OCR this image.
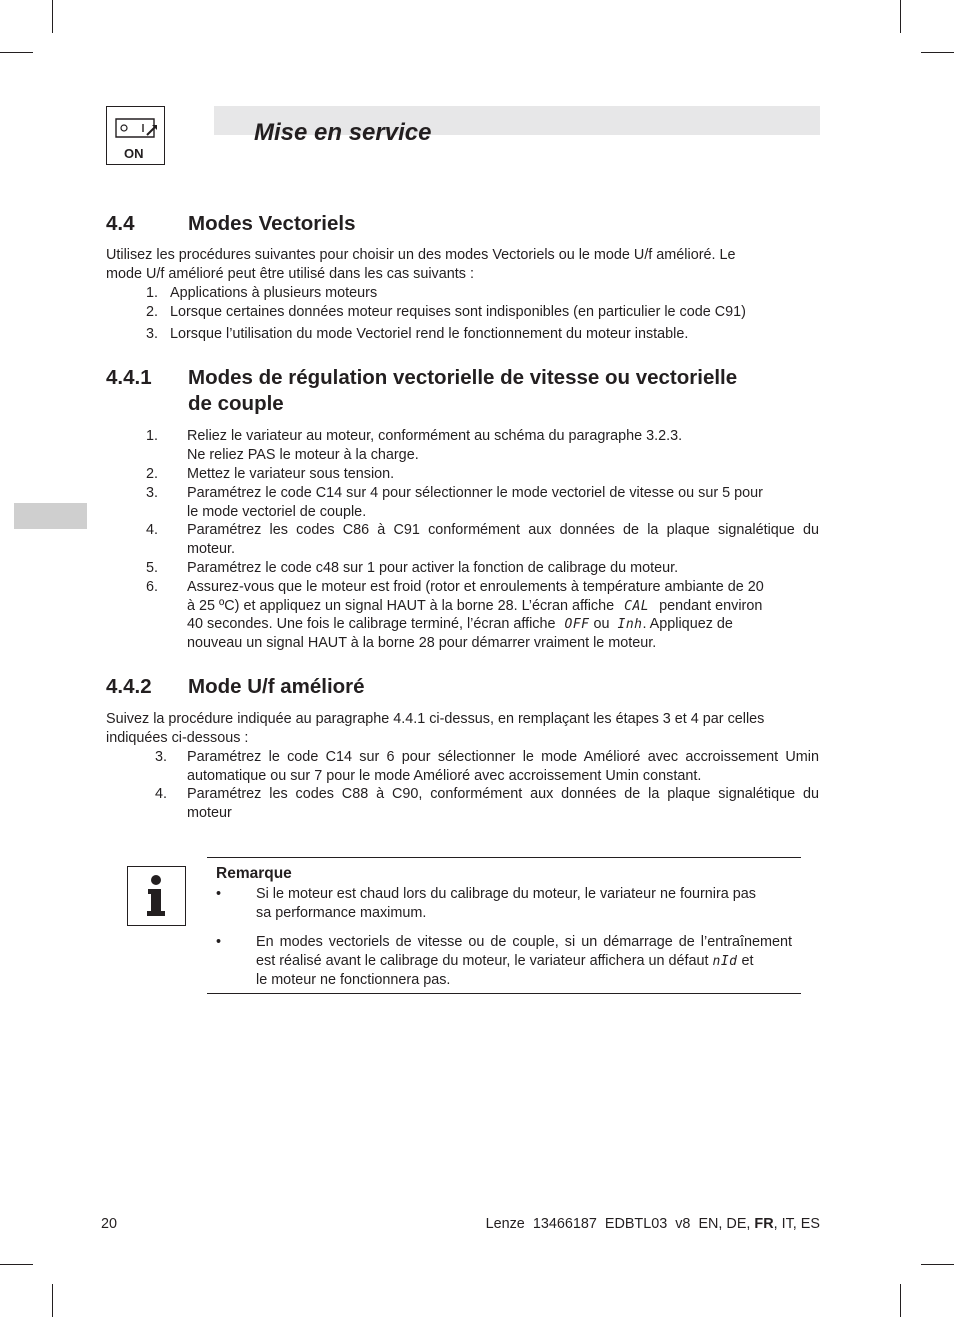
ON
Mise en service
4.4	Modes Vectoriels
Utilisez les procédures suivantes pour choisir un des modes Vectoriels ou le mode U/f amélioré. Le
mode U/f amélioré peut être utilisé dans les cas suivants :
1. Applications à plusieurs moteurs
2. Lorsque certaines données moteur requises sont indisponibles (en particulier le code C91)
3. Lorsque l’utilisation du mode Vectoriel rend le fonctionnement du moteur instable.
4.4.1 Modes de régulation vectorielle de vitesse ou vectorielle
de couple
1. Reliez le variateur au moteur, conformément au schéma du paragraphe 3.2.3.
Ne reliez PAS le moteur à la charge.
2. Mettez le variateur sous tension.
3. Paramétrez le code C14 sur 4 pour sélectionner le mode vectoriel de vitesse ou sur 5 pour
le mode vectoriel de couple.
4. Paramétrez les codes C86 à C91 conformément aux données de la plaque signalétique du
moteur.
5. Paramétrez le code c48 sur 1 pour activer la fonction de calibrage du moteur.
6. Assurez-vous que le moteur est froid (rotor et enroulements à température ambiante de 20
à 25 ºC) et appliquez un signal HAUT à la borne 28. L’écran affiche CAL pendant environ
40 secondes. Une fois le calibrage terminé, l’écran affiche OFF ou Inh. Appliquez de
nouveau un signal HAUT à la borne 28 pour démarrer vraiment le moteur.
4.4.2 Mode U/f amélioré
Suivez la procédure indiquée au paragraphe 4.4.1 ci-dessus, en remplaçant les étapes 3 et 4 par celles
indiquées ci-dessous :
3. Paramétrez le code C14 sur 6 pour sélectionner le mode Amélioré avec accroissement Umin
automatique ou sur 7 pour le mode Amélioré avec accroissement Umin constant.
4. Paramétrez les codes C88 à C90, conformément aux données de la plaque signalétique du
moteur
Remarque
• Si le moteur est chaud lors du calibrage du moteur, le variateur ne fournira pas
sa performance maximum.
• En modes vectoriels de vitesse ou de couple, si un démarrage de l’entraînement
est réalisé avant le calibrage du moteur, le variateur affichera un défaut nId et
le moteur ne fonctionnera pas.
20	Lenze 13466187 EDBTL03 v8 EN, DE, FR, IT, ES
